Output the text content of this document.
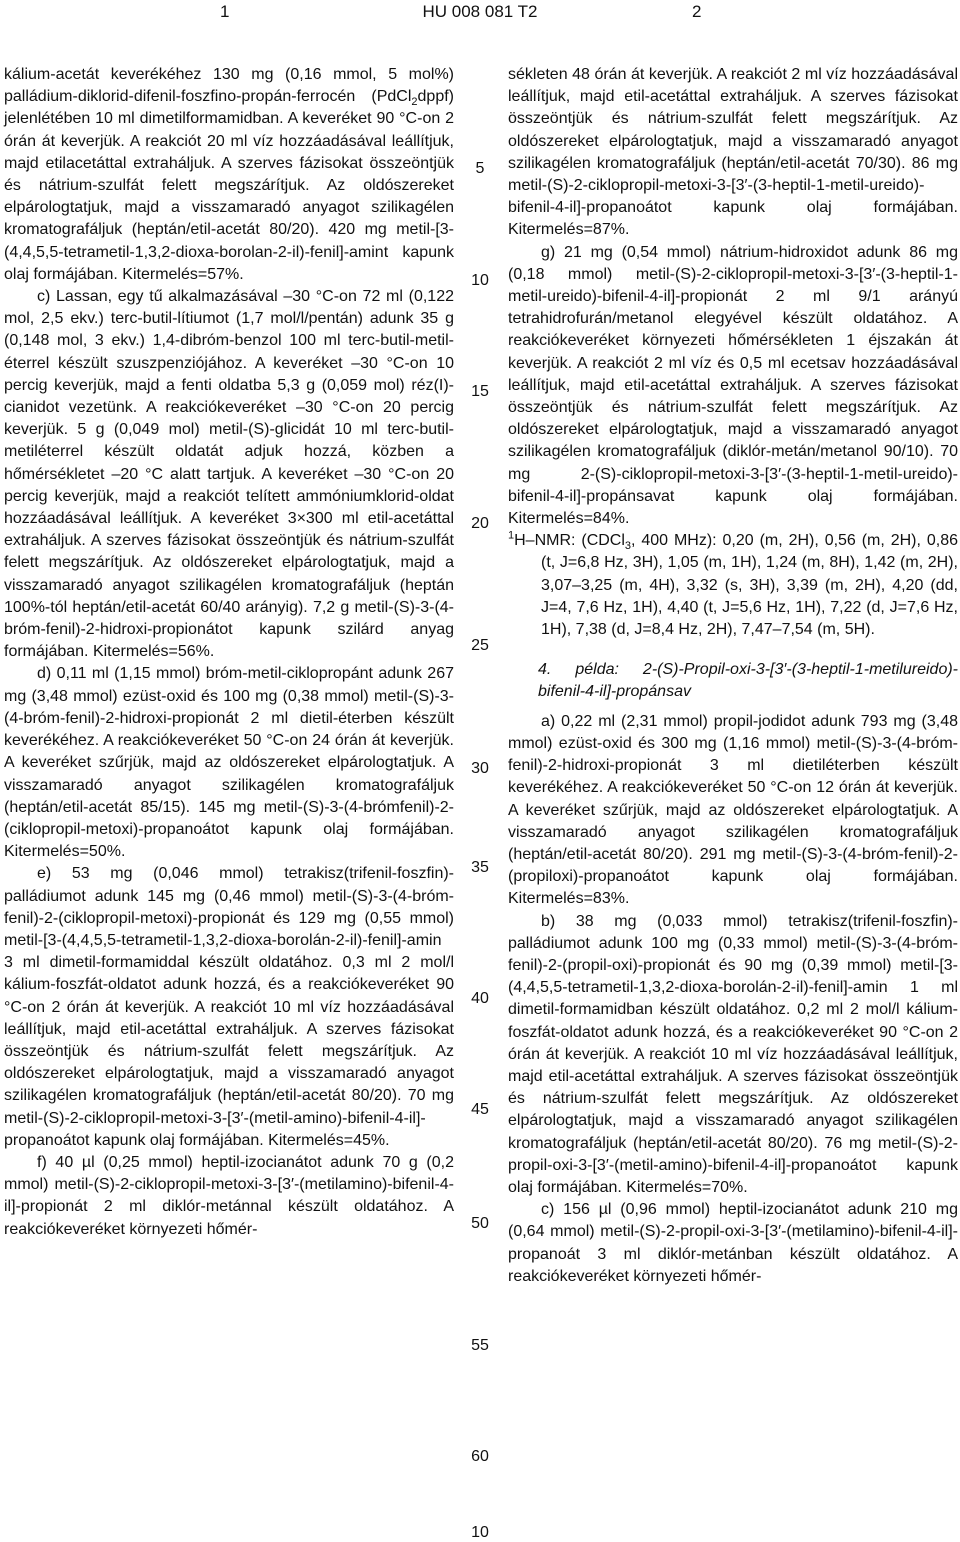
1	HU 008 081 T2	2

kálium-acetát keverékéhez 130 mg (0,16 mmol, 5 mol%) palládium-diklorid-difenil-foszfino-propán-ferrocén (PdCl$_2$dppf) jelenlétében 10 ml dimetilformamidban. A keveréket 90 °C-on 2 órán át keverjük. A reakciót 20 ml víz hozzáadásával leállítjuk, majd etilacetáttal extraháljuk. A szerves fázisokat összeöntjük és nátrium-szulfát felett megszárítjuk. Az oldószereket elpárologtatjuk, majd a visszamaradó anyagot szilikagélen kromatografáljuk (heptán/etil-acetát 80/20). 420 mg metil-[3-(4,4,5,5-tetrametil-1,3,2-dioxa-borolan-2-il)-fenil]-amint kapunk olaj formájában. Kitermelés=57%.

c) Lassan, egy tű alkalmazásával –30 °C-on 72 ml (0,122 mol, 2,5 ekv.) terc-butil-lítiumot (1,7 mol/l/pentán) adunk 35 g (0,148 mol, 3 ekv.) 1,4-dibróm-benzol 100 ml terc-butil-metil-éterrel készült szuszpenziójához. A keveréket –30 °C-on 10 percig keverjük, majd a fenti oldatba 5,3 g (0,059 mol) réz(I)-cianidot vezetünk. A reakciókeveréket –30 °C-on 20 percig keverjük. 5 g (0,049 mol) metil-(S)-glicidát 10 ml terc-butil-metiléterrel készült oldatát adjuk hozzá, közben a hőmérsékletet –20 °C alatt tartjuk. A keveréket –30 °C-on 20 percig keverjük, majd a reakciót telített ammóniumklorid-oldat hozzáadásával leállítjuk. A keveréket 3×300 ml etil-acetáttal extraháljuk. A szerves fázisokat összeöntjük és nátrium-szulfát felett megszárítjuk. Az oldószereket elpárologtatjuk, majd a visszamaradó anyagot szilikagélen kromatografáljuk (heptán 100%-tól heptán/etil-acetát 60/40 arányig). 7,2 g metil-(S)-3-(4-bróm-fenil)-2-hidroxi-propionátot kapunk szilárd anyag formájában. Kitermelés=56%.

d) 0,11 ml (1,15 mmol) bróm-metil-ciklopropánt adunk 267 mg (3,48 mmol) ezüst-oxid és 100 mg (0,38 mmol) metil-(S)-3-(4-bróm-fenil)-2-hidroxi-propionát 2 ml dietil-éterben készült keverékéhez. A reakciókeveréket 50 °C-on 24 órán át keverjük. A keveréket szűrjük, majd az oldószereket elpárologtatjuk. A visszamaradó anyagot szilikagélen kromatografáljuk (heptán/etil-acetát 85/15). 145 mg metil-(S)-3-(4-brómfenil)-2-(ciklopropil-metoxi)-propanoátot kapunk olaj formájában. Kitermelés=50%.

e) 53 mg (0,046 mmol) tetrakisz(trifenil-foszfin)-palládiumot adunk 145 mg (0,46 mmol) metil-(S)-3-(4-bróm-fenil)-2-(ciklopropil-metoxi)-propionát és 129 mg (0,55 mmol) metil-[3-(4,4,5,5-tetrametil-1,3,2-dioxa-borolán-2-il)-fenil]-amin 3 ml dimetil-formamiddal készült oldatához. 0,3 ml 2 mol/l kálium-foszfát-oldatot adunk hozzá, és a reakciókeveréket 90 °C-on 2 órán át keverjük. A reakciót 10 ml víz hozzáadásával leállítjuk, majd etil-acetáttal extraháljuk. A szerves fázisokat összeöntjük és nátrium-szulfát felett megszárítjuk. Az oldószereket elpárologtatjuk, majd a visszamaradó anyagot szilikagélen kromatografáljuk (heptán/etil-acetát 80/20). 70 mg metil-(S)-2-ciklopropil-metoxi-3-[3′-(metil-amino)-bifenil-4-il]-propanoátot kapunk olaj formájában. Kitermelés=45%.

f) 40 µl (0,25 mmol) heptil-izocianátot adunk 70 g (0,2 mmol) metil-(S)-2-ciklopropil-metoxi-3-[3′-(metilamino)-bifenil-4-il]-propionát 2 ml diklór-metánnal készült oldatához. A reakciókeveréket környezeti hőmér-

sékleten 48 órán át keverjük. A reakciót 2 ml víz hozzáadásával leállítjuk, majd etil-acetáttal extraháljuk. A szerves fázisokat összeöntjük és nátrium-szulfát felett megszárítjuk. Az oldószereket elpárologtatjuk, majd a visszamaradó anyagot szilikagélen kromatografáljuk (heptán/etil-acetát 70/30). 86 mg metil-(S)-2-ciklopropil-metoxi-3-[3′-(3-heptil-1-metil-ureido)-bifenil-4-il]-propanoátot kapunk olaj formájában. Kitermelés=87%.

g) 21 mg (0,54 mmol) nátrium-hidroxidot adunk 86 mg (0,18 mmol) metil-(S)-2-ciklopropil-metoxi-3-[3′-(3-heptil-1-metil-ureido)-bifenil-4-il]-propionát 2 ml 9/1 arányú tetrahidrofurán/metanol elegyével készült oldatához. A reakciókeveréket környezeti hőmérsékleten 1 éjszakán át keverjük. A reakciót 2 ml víz és 0,5 ml ecetsav hozzáadásával leállítjuk, majd etil-acetáttal extraháljuk. A szerves fázisokat összeöntjük és nátrium-szulfát felett megszárítjuk. Az oldószereket elpárologtatjuk, majd a visszamaradó anyagot szilikagélen kromatografáljuk (diklór-metán/metanol 90/10). 70 mg 2-(S)-ciklopropil-metoxi-3-[3′-(3-heptil-1-metil-ureido)-bifenil-4-il]-propánsavat kapunk olaj formájában. Kitermelés=84%.

$^1$H–NMR: (CDCl$_3$, 400 MHz): 0,20 (m, 2H), 0,56 (m, 2H), 0,86 (t, J=6,8 Hz, 3H), 1,05 (m, 1H), 1,24 (m, 8H), 1,42 (m, 2H), 3,07–3,25 (m, 4H), 3,32 (s, 3H), 3,39 (m, 2H), 4,20 (dd, J=4, 7,6 Hz, 1H), 4,40 (t, J=5,6 Hz, 1H), 7,22 (d, J=7,6 Hz, 1H), 7,38 (d, J=8,4 Hz, 2H), 7,47–7,54 (m, 5H).

4. példa: 2-(S)-Propil-oxi-3-[3′-(3-heptil-1-metilureido)-bifenil-4-il]-propánsav

a) 0,22 ml (2,31 mmol) propil-jodidot adunk 793 mg (3,48 mmol) ezüst-oxid és 300 mg (1,16 mmol) metil-(S)-3-(4-bróm-fenil)-2-hidroxi-propionát 3 ml dietiléterben készült keverékéhez. A reakciókeveréket 50 °C-on 12 órán át keverjük. A keveréket szűrjük, majd az oldószereket elpárologtatjuk. A visszamaradó anyagot szilikagélen kromatografáljuk (heptán/etil-acetát 80/20). 291 mg metil-(S)-3-(4-bróm-fenil)-2-(propiloxi)-propanoátot kapunk olaj formájában. Kitermelés=83%.

b) 38 mg (0,033 mmol) tetrakisz(trifenil-foszfin)-palládiumot adunk 100 mg (0,33 mmol) metil-(S)-3-(4-bróm-fenil)-2-(propil-oxi)-propionát és 90 mg (0,39 mmol) metil-[3-(4,4,5,5-tetrametil-1,3,2-dioxa-borolán-2-il)-fenil]-amin 1 ml dimetil-formamidban készült oldatához. 0,2 ml 2 mol/l kálium-foszfát-oldatot adunk hozzá, és a reakciókeveréket 90 °C-on 2 órán át keverjük. A reakciót 10 ml víz hozzáadásával leállítjuk, majd etil-acetáttal extraháljuk. A szerves fázisokat összeöntjük és nátrium-szulfát felett megszárítjuk. Az oldószereket elpárologtatjuk, majd a visszamaradó anyagot szilikagélen kromatografáljuk (heptán/etil-acetát 80/20). 76 mg metil-(S)-2-propil-oxi-3-[3′-(metil-amino)-bifenil-4-il]-propanoátot kapunk olaj formájában. Kitermelés=70%.

c) 156 µl (0,96 mmol) heptil-izocianátot adunk 210 mg (0,64 mmol) metil-(S)-2-propil-oxi-3-[3′-(metilamino)-bifenil-4-il]-propanoát 3 ml diklór-metánban készült oldatához. A reakciókeveréket környezeti hőmér-

5
10
15
20
25
30
35
40
45
50
55
60
10
